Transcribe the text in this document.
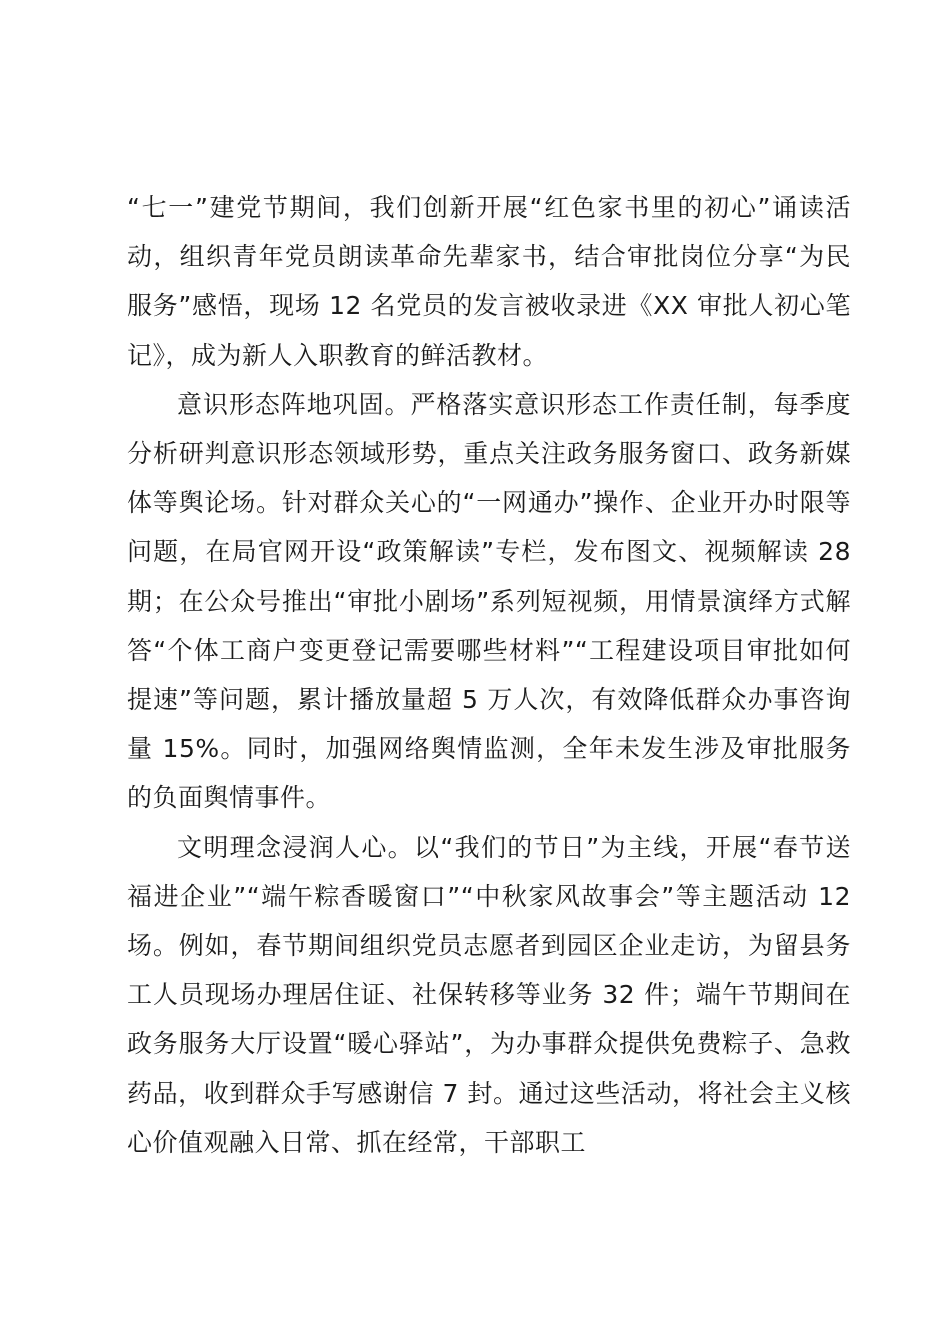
“七一”建党节期间，我们创新开展“红色家书里的初心”诵读活动，组织青年党员朗读革命先辈家书，结合审批岗位分享“为民服务”感悟，现场 12 名党员的发言被收录进《XX 审批人初心笔记》，成为新人入职教育的鲜活教材。

意识形态阵地巩固。严格落实意识形态工作责任制，每季度分析研判意识形态领域形势，重点关注政务服务窗口、政务新媒体等舆论场。针对群众关心的“一网通办”操作、企业开办时限等问题，在局官网开设“政策解读”专栏，发布图文、视频解读 28 期；在公众号推出“审批小剧场”系列短视频，用情景演绎方式解答“个体工商户变更登记需要哪些材料”“工程建设项目审批如何提速”等问题，累计播放量超 5 万人次，有效降低群众办事咨询量 15%。同时，加强网络舆情监测，全年未发生涉及审批服务的负面舆情事件。

文明理念浸润人心。以“我们的节日”为主线，开展“春节送福进企业”“端午粽香暖窗口”“中秋家风故事会”等主题活动 12 场。例如，春节期间组织党员志愿者到园区企业走访，为留县务工人员现场办理居住证、社保转移等业务 32 件；端午节期间在政务服务大厅设置“暖心驿站”，为办事群众提供免费粽子、急救药品，收到群众手写感谢信 7 封。通过这些活动，将社会主义核心价值观融入日常、抓在经常，干部职工
